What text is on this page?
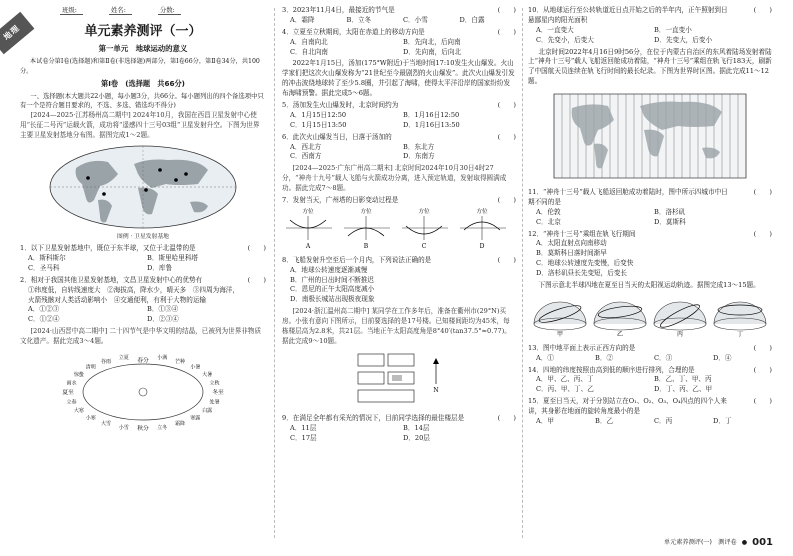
地理
班级:	姓名:	分数:
单元素养测评（一）
第一单元　地球运动的意义
本试卷分第Ⅰ卷(选择题)和第Ⅱ卷(非选择题)两部分，第Ⅰ卷66分，第Ⅱ卷34分，共100分。
第Ⅰ卷　(选择题　共66分)
一、选择题(本大题共22小题，每小题3分，共66分。每小题列出的四个备选项中只有一个是符合题目要求的，不选、多选、错选均不得分)
[2024—2025·江苏杨州高二期中] 2024年10月，我国在西昌卫星发射中心使用“长征二号丙”运载火箭，成功将“遥感四十三号03组”卫星发射升空。下图为世界主要卫星发射基地分布图。据图完成1～2题。
图例 · 卫星发射基地
1．以下卫星发射基地中，既位于东半球，又位于北温带的是	(　　)
A．斯科斯尔	B．斯里哈里科塔
C．圣马科	D．库鲁
2．相对于我国其他卫星发射基地，文昌卫星发射中心的优势有	(　　)
①纬度低，自转线速度大　②海拔高，降水少，晴天多　③四周为海洋，
火箭残骸对人类活动影响小　④交通便利，有利于大物的运输
A．①②③	B．①③④
C．①②④	D．②③④
[2024·山西晋中高二期中] 二十四节气是中华文明的结晶，已被列为世界非物质文化遗产。据此完成3～4题。
春分
秋分
夏至	冬至
小满
芒种
小暑
大暑
立秋
处暑
白露
寒露
霜降
立冬
小雪
大雪
小寒
大寒
立春
雨水
惊蛰
清明
谷雨
立夏
3．2023年11月4日，最接近的节气是	(　　)
A．霜降	B．立冬	C．小雪	D．白露
4．立夏至立秋期间，太阳在赤道上的移动方向是	(　　)
A．自南向北	B．先向北，后向南
C．自北向南	D．先向南，后向北
2022年1月15日，汤加(175°W附近)于当地时间17:10发生火山爆发。火山学家们把这次火山爆发称为“21世纪至今最剧烈的火山爆发”。此次火山爆发引发的冲击波绕地球转了至少5.8圈，并引起了海啸，使得太平洋沿岸的国家纷纷发布海啸预警。据此完成5～6题。
5．汤加发生火山爆发时，北京时间约为	(　　)
A．1月15日12:50	B．1月16日12:50
C．1月15日13:50	D．1月16日13:50
6．此次火山爆发当日，日落于汤加的	(　　)
A．西北方	B．东北方
C．西南方	D．东南方
[2024—2025·广东广州高二期末] 北京时间2024年10月30日4时27分，“神舟十九号”载人飞船与火箭成功分离，进入预定轨道，发射取得圆满成功。据此完成7～8题。
7．发射当天，广州塔的日影变动过程是	(　　)
方位
A
方位
B
方位
C
方位
D
8．飞船发射升空至后一个月内，下列说法正确的是	(　　)
A．地球公转速度逐渐减慢
B．广州的日出时间不断推迟
C．恩尼的正午太阳高度减小
D．南极长城站出现极夜现象
[2024·浙江温州高二期中] 某同学在工作多年后，准备在衢州市(29°N)买房。小张有意向下图所示，目前要选择的是17号楼。已知楼间距均为45米，每栋楼层高为2.8米，共21层。当地正午太阳高度角是8°40′(tan37.5°≈0.77)。据此完成9～10题。
N
9．在满足全年都有采光的情况下，目前同学选择的最佳楼层是	(　　)
A．11层	B．14层
C．17层	D．20层
10．从地球运行至公转轨道近日点开始之后的半年内，正午照射到日悬鄙星内的阳光面积
(　　)
A．一直变大	B．一直变小
C．先变小，后变大	D．先变大，后变小
北京时间2022年4月16日9时56分，在位于内蒙古自治区的东风着陆场发射着陆上“神舟十三号”载人飞船返回舱成功着陆，“神舟十三号”乘组在轨飞行183天，刷新了中国航天员连续在轨飞行时间的最长纪录。下图为世界时区图。据此完成11～12题。
11．“神舟十三号”载人飞船返回舱成功着陆时，图中所示四城市中日期不同的是
(　　)
A．伦敦	B．洛杉矶
C．北京	D．莫斯科
12．“神舟十三号”乘组在轨飞行期间	(　　)
A．太阳直射点向南移动
B．莫斯科日落时间渐早
C．地球公转速度先变慢，后变快
D．洛杉矶昼长先变短，后变长
下图示意北半球四地在夏至日当天的太阳视运动轨迹。据图完成13～15题。
甲	乙	丙	丁
13．图中地平面上表示正西方向的是	(　　)
A．①	B．②	C．③	D．④
14．四地的纬度按照由高到低的顺序进行排列，合理的是	(　　)
A．甲、乙、丙、丁	B．乙、丁、甲、丙
C．丙、甲、丁、乙	D．丁、丙、乙、甲
15．夏至日当天，对于分别站立在O₁、O₂、O₃、O₄四点的四个人来讲，其身影在地面的旋转角度最小的是
(　　)
A．甲	B．乙	C．丙	D．丁
单元素养测评(一)　测评卷 ● 001
